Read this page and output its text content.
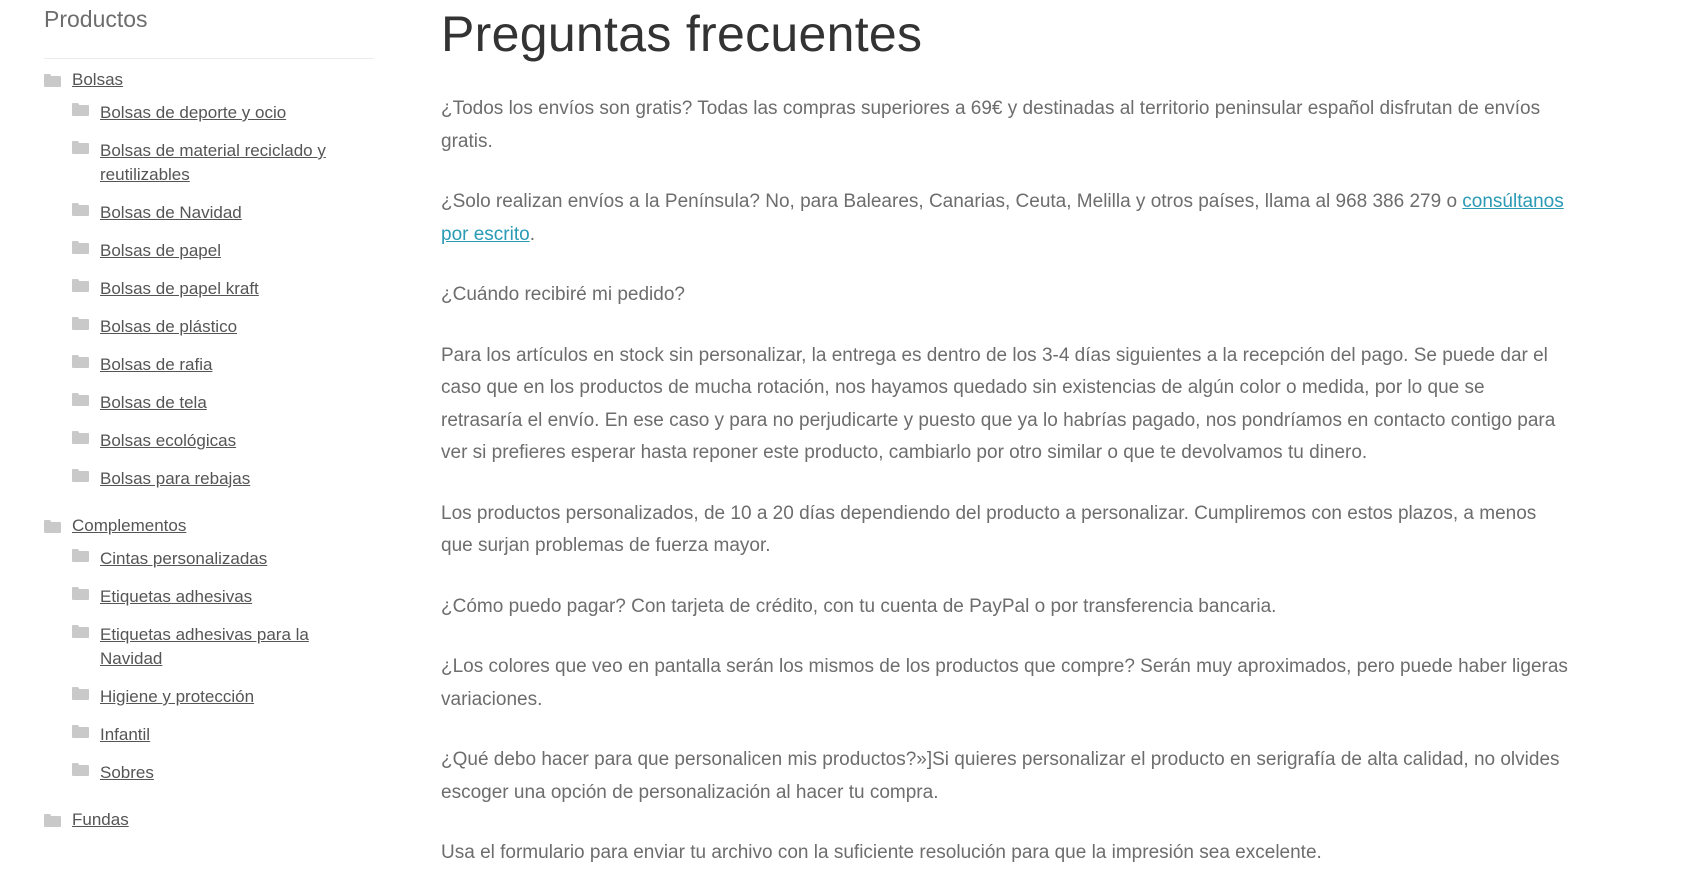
Productos
Bolsas
Bolsas de deporte y ocio
Bolsas de material reciclado y reutilizables
Bolsas de Navidad
Bolsas de papel
Bolsas de papel kraft
Bolsas de plástico
Bolsas de rafia
Bolsas de tela
Bolsas ecológicas
Bolsas para rebajas
Complementos
Cintas personalizadas
Etiquetas adhesivas
Etiquetas adhesivas para la Navidad
Higiene y protección
Infantil
Sobres
Fundas
Preguntas frecuentes

¿Todos los envíos son gratis? Todas las compras superiores a 69€ y destinadas al territorio peninsular español disfrutan de envíos gratis.

¿Solo realizan envíos a la Península? No, para Baleares, Canarias, Ceuta, Melilla y otros países, llama al 968 386 279 o consúltanos por escrito.

¿Cuándo recibiré mi pedido?

Para los artículos en stock sin personalizar, la entrega es dentro de los 3-4 días siguientes a la recepción del pago. Se puede dar el caso que en los productos de mucha rotación, nos hayamos quedado sin existencias de algún color o medida, por lo que se retrasaría el envío. En ese caso y para no perjudicarte y puesto que ya lo habrías pagado, nos pondríamos en contacto contigo para ver si prefieres esperar hasta reponer este producto, cambiarlo por otro similar o que te devolvamos tu dinero.

Los productos personalizados, de 10 a 20 días dependiendo del producto a personalizar. Cumpliremos con estos plazos, a menos que surjan problemas de fuerza mayor.

¿Cómo puedo pagar? Con tarjeta de crédito, con tu cuenta de PayPal o por transferencia bancaria.

¿Los colores que veo en pantalla serán los mismos de los productos que compre? Serán muy aproximados, pero puede haber ligeras variaciones.

¿Qué debo hacer para que personalicen mis productos?»]Si quieres personalizar el producto en serigrafía de alta calidad, no olvides escoger una opción de personalización al hacer tu compra.

Usa el formulario para enviar tu archivo con la suficiente resolución para que la impresión sea excelente.
